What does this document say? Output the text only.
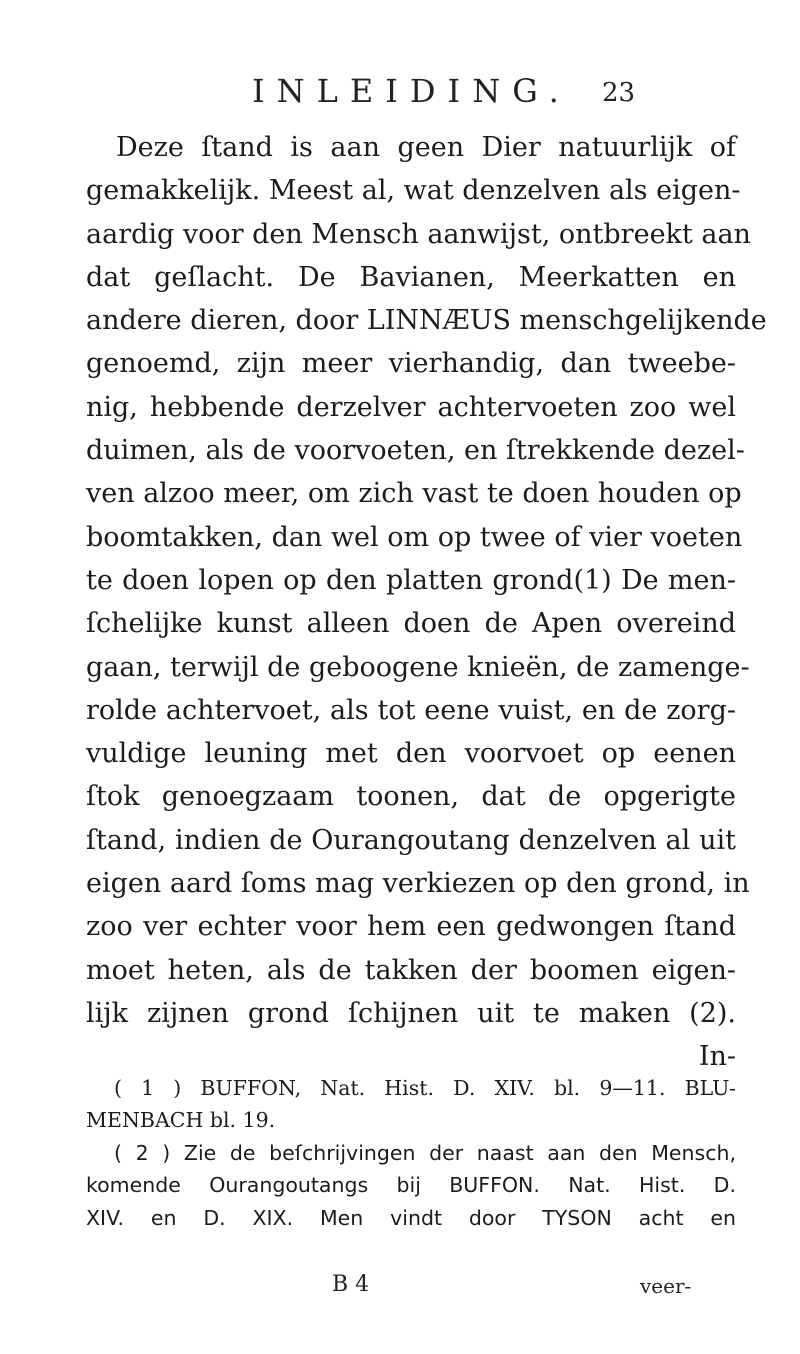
INLEIDING.	23
Deze ſtand is aan geen Dier natuurlijk of
gemakkelijk. Meest al, wat denzelven als eigen-
aardig voor den Mensch aanwijst, ontbreekt aan
dat geſlacht. De Bavianen, Meerkatten en
andere dieren, door LINNÆUS menschgelijkende
genoemd, zijn meer vierhandig, dan tweebe-
nig, hebbende derzelver achtervoeten zoo wel
duimen, als de voorvoeten, en ſtrekkende dezel-
ven alzoo meer, om zich vast te doen houden op
boomtakken, dan wel om op twee of vier voeten
te doen lopen op den platten grond(1) De men-
ſchelijke kunst alleen doen de Apen overeind
gaan, terwijl de geboogene knieën, de zamenge-
rolde achtervoet, als tot eene vuist, en de zorg-
vuldige leuning met den voorvoet op eenen
ſtok genoegzaam toonen, dat de opgerigte
ſtand, indien de Ourangoutang denzelven al uit
eigen aard ſoms mag verkiezen op den grond, in
zoo ver echter voor hem een gedwongen ſtand
moet heten, als de takken der boomen eigen-
lijk zijnen grond ſchijnen uit te maken (2).
In-
( 1 ) BUFFON, Nat. Hist. D. XIV. bl. 9—11. BLU-
MENBACH bl. 19.
( 2 ) Zie de beſchrijvingen der naast aan den Mensch,
komende Ourangoutangs bij BUFFON. Nat. Hist. D.
XIV. en D. XIX. Men vindt door TYSON acht en
B 4	veer-
